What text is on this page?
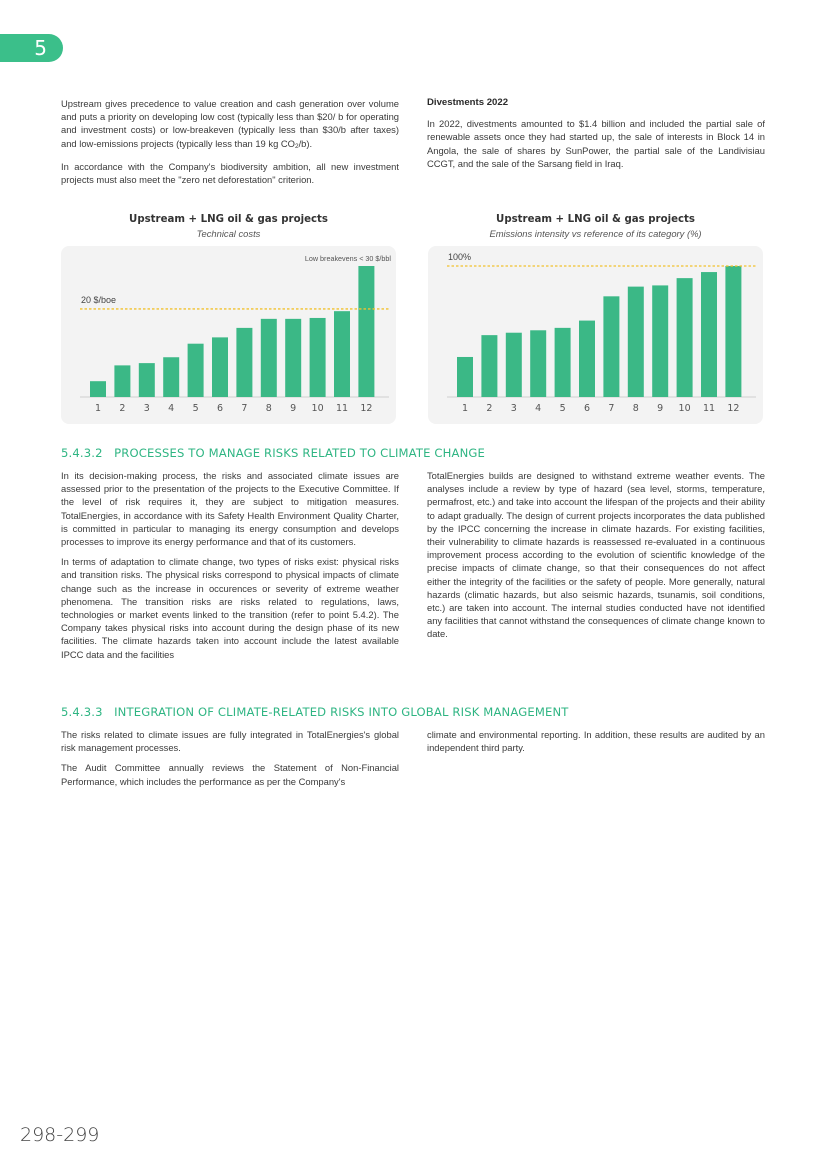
5

Upstream gives precedence to value creation and cash generation over volume and puts a priority on developing low cost (typically less than $20/ b for operating and investment costs) or low-breakeven (typically less than $30/b after taxes) and low-emissions projects (typically less than 19 kg $CO_2/b$).

In accordance with the Company's biodiversity ambition, all new investment projects must also meet the "zero net deforestation" criterion.

Divestments 2022

In 2022, divestments amounted to $1.4 billion and included the partial sale of renewable assets once they had started up, the sale of interests in Block 14 in Angola, the sale of shares by SunPower, the partial sale of the Landivisiau CCGT, and the sale of the Sarsang field in Iraq.

Upstream + LNG oil & gas projects
Technical costs
1 2 3 4 5 6 7 8 9 10 11 12
20 $/boe
Low breakevens < 30 $/bbl
Upstream + LNG oil & gas projects
Emissions intensity vs reference of its category (%)
1 2 3 4 5 6 7 8 9 10 11 12
100%
5.4.3.2   PROCESSES TO MANAGE RISKS RELATED TO CLIMATE CHANGE

In its decision-making process, the risks and associated climate issues are assessed prior to the presentation of the projects to the Executive Committee. If the level of risk requires it, they are subject to mitigation measures. TotalEnergies, in accordance with its Safety Health Environment Quality Charter, is committed in particular to managing its energy consumption and develops processes to improve its energy performance and that of its customers.

In terms of adaptation to climate change, two types of risks exist: physical risks and transition risks. The physical risks correspond to physical impacts of climate change such as the increase in occurences or severity of extreme weather phenomena. The transition risks are risks related to regulations, laws, technologies or market events linked to the transition (refer to point 5.4.2). The Company takes physical risks into account during the design phase of its new facilities. The climate hazards taken into account include the latest available IPCC data and the facilities

TotalEnergies builds are designed to withstand extreme weather events. The analyses include a review by type of hazard (sea level, storms, temperature, permafrost, etc.) and take into account the lifespan of the projects and their ability to adapt gradually. The design of current projects incorporates the data published by the IPCC concerning the increase in climate hazards. For existing facilities, their vulnerability to climate hazards is reassessed re-evaluated in a continuous improvement process according to the evolution of scientific knowledge of the precise impacts of climate change, so that their consequences do not affect either the integrity of the facilities or the safety of people. More generally, natural hazards (climatic hazards, but also seismic hazards, tsunamis, soil conditions, etc.) are taken into account. The internal studies conducted have not identified any facilities that cannot withstand the consequences of climate change known to date.

5.4.3.3   INTEGRATION OF CLIMATE-RELATED RISKS INTO GLOBAL RISK MANAGEMENT

The risks related to climate issues are fully integrated in TotalEnergies's global risk management processes.

The Audit Committee annually reviews the Statement of Non-Financial Performance, which includes the performance as per the Company's

climate and environmental reporting. In addition, these results are audited by an independent third party.

298-299
